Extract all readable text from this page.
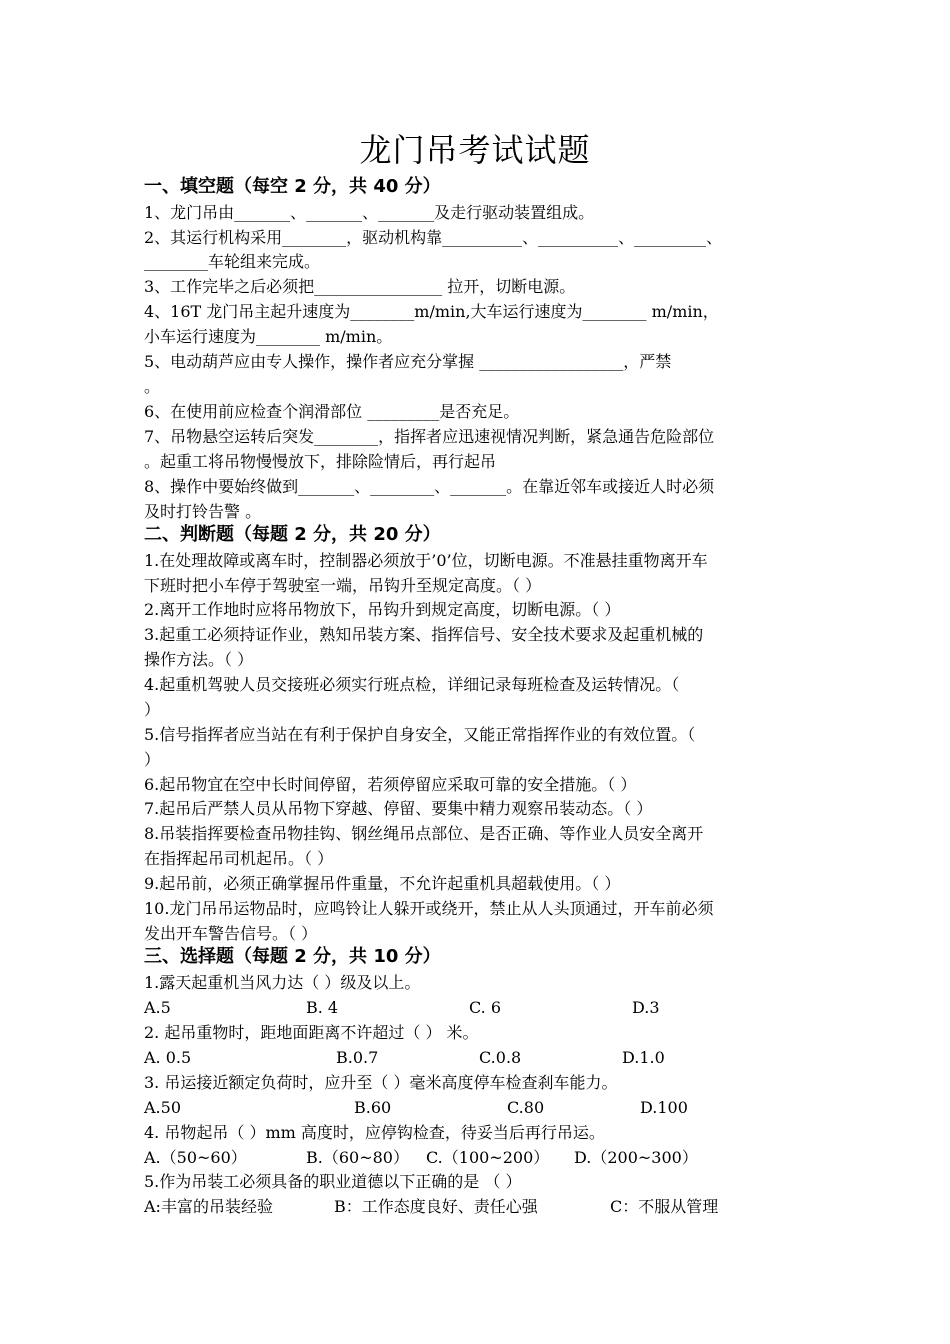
龙门吊考试试题
一、填空题（每空 2 分，共 40 分）
1、龙门吊由_______、_______、_______及走行驱动装置组成。
2、其运行机构采用________，驱动机构靠__________、__________、_________、
________车轮组来完成。
3、工作完毕之后必须把________________ 拉开，切断电源。
4、16T 龙门吊主起升速度为________m/min,大车运行速度为________ m/min，
小车运行速度为________ m/min。
5、电动葫芦应由专人操作，操作者应充分掌握 __________________，严禁
。
6、在使用前应检查个润滑部位 _________是否充足。
7、吊物悬空运转后突发________，指挥者应迅速视情况判断，紧急通告危险部位
。起重工将吊物慢慢放下，排除险情后，再行起吊
8、操作中要始终做到_______、________、_______。在靠近邻车或接近人时必须
及时打铃告警 。
二、判断题（每题 2 分，共 20 分）
1.在处理故障或离车时，控制器必须放于’0’位，切断电源。不准悬挂重物离开车
下班时把小车停于驾驶室一端，吊钩升至规定高度。（ ）
2.离开工作地时应将吊物放下，吊钩升到规定高度，切断电源。（ ）
3.起重工必须持证作业，熟知吊装方案、指挥信号、安全技术要求及起重机械的
操作方法。（ ）
4.起重机驾驶人员交接班必须实行班点检，详细记录每班检查及运转情况。（
）
5.信号指挥者应当站在有利于保护自身安全，又能正常指挥作业的有效位置。（
）
6.起吊物宜在空中长时间停留，若须停留应采取可靠的安全措施。（ ）
7.起吊后严禁人员从吊物下穿越、停留、要集中精力观察吊装动态。（ ）
8.吊装指挥要检查吊物挂钩、钢丝绳吊点部位、是否正确、等作业人员安全离开
在指挥起吊司机起吊。（ ）
9.起吊前，必须正确掌握吊件重量，不允许起重机具超载使用。（ ）
10.龙门吊吊运物品时，应鸣铃让人躲开或绕开，禁止从人头顶通过，开车前必须
发出开车警告信号。（ ）
三、选择题（每题 2 分，共 10 分）
1.露天起重机当风力达（ ）级及以上。
A.5	B. 4	C. 6	D.3
2. 起吊重物时，距地面距离不许超过（ ） 米。
A. 0.5	B.0.7	C.0.8	D.1.0
3. 吊运接近额定负荷时，应升至（ ）毫米高度停车检查刹车能力。
A.50	B.60	C.80	D.100
4. 吊物起吊（ ）mm 高度时，应停钩检查，待妥当后再行吊运。
A.（50~60）	B.（60~80） C.（100~200） D.（200~300）
5.作为吊装工必须具备的职业道德以下正确的是 （ ）
A:丰富的吊装经验	B：工作态度良好、责任心强	C：不服从管理
